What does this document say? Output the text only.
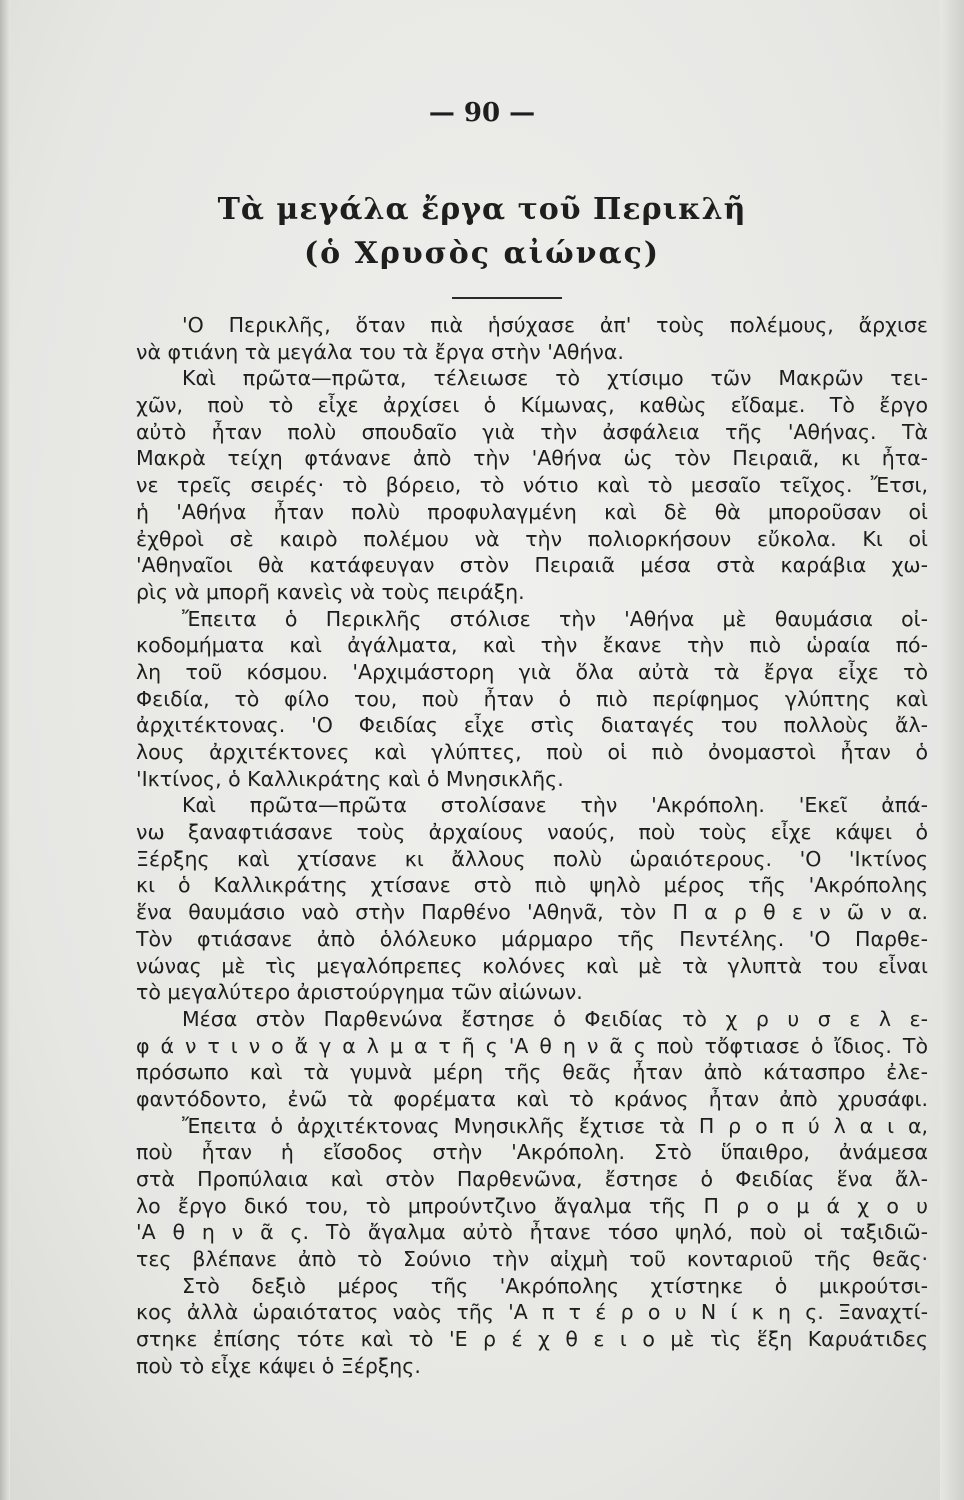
— 90 —
Τὰ μεγάλα ἔργα τοῦ Περικλῆ
(ὁ Χρυσὸς αἰώνας)
'Ο Περικλῆς, ὅταν πιὰ ἡσύχασε ἀπ' τοὺς πολέμους, ἄρχισε
νὰ φτιάνη τὰ μεγάλα του τὰ ἔργα στὴν 'Αθήνα.
Καὶ πρῶτα—πρῶτα, τέλειωσε τὸ χτίσιμο τῶν Μακρῶν τει-
χῶν, ποὺ τὸ εἶχε ἀρχίσει ὁ Κίμωνας, καθὼς εἴδαμε. Τὸ ἔργο
αὐτὸ ἦταν πολὺ σπουδαῖο γιὰ τὴν ἀσφάλεια τῆς 'Αθήνας. Τὰ
Μακρὰ τείχη φτάνανε ἀπὸ τὴν 'Αθήνα ὡς τὸν Πειραιᾶ, κι ἦτα-
νε τρεῖς σειρές· τὸ βόρειο, τὸ νότιο καὶ τὸ μεσαῖο τεῖχος. Ἔτσι,
ἡ 'Αθήνα ἦταν πολὺ προφυλαγμένη καὶ δὲ θὰ μποροῦσαν οἱ
ἐχθροὶ σὲ καιρὸ πολέμου νὰ τὴν πολιορκήσουν εὔκολα. Κι οἱ
'Αθηναῖοι θὰ κατάφευγαν στὸν Πειραιᾶ μέσα στὰ καράβια χω-
ρὶς νὰ μπορῆ κανεὶς νὰ τοὺς πειράξη.
Ἔπειτα ὁ Περικλῆς στόλισε τὴν 'Αθήνα μὲ θαυμάσια οἰ-
κοδομήματα καὶ ἀγάλματα, καὶ τὴν ἔκανε τὴν πιὸ ὡραία πό-
λη τοῦ κόσμου. 'Αρχιμάστορη γιὰ ὅλα αὐτὰ τὰ ἔργα εἶχε τὸ
Φειδία, τὸ φίλο του, ποὺ ἦταν ὁ πιὸ περίφημος γλύπτης καὶ
ἀρχιτέκτονας. 'Ο Φειδίας εἶχε στὶς διαταγές του πολλοὺς ἄλ-
λους ἀρχιτέκτονες καὶ γλύπτες, ποὺ οἱ πιὸ ὀνομαστοὶ ἦταν ὁ
'Ικτίνος, ὁ Καλλικράτης καὶ ὁ Μνησικλῆς.
Καὶ πρῶτα—πρῶτα στολίσανε τὴν 'Ακρόπολη. 'Εκεῖ ἀπά-
νω ξαναφτιάσανε τοὺς ἀρχαίους ναούς, ποὺ τοὺς εἶχε κάψει ὁ
Ξέρξης καὶ χτίσανε κι ἄλλους πολὺ ὡραιότερους. 'Ο 'Ικτίνος
κι ὁ Καλλικράτης χτίσανε στὸ πιὸ ψηλὸ μέρος τῆς 'Ακρόπολης
ἕνα θαυμάσιο ναὸ στὴν Παρθένο 'Αθηνᾶ, τὸν Π α ρ θ ε ν ῶ ν α.
Τὸν φτιάσανε ἀπὸ ὁλόλευκο μάρμαρο τῆς Πεντέλης. 'Ο Παρθε-
νώνας μὲ τὶς μεγαλόπρεπες κολόνες καὶ μὲ τὰ γλυπτὰ του εἶναι
τὸ μεγαλύτερο ἀριστούργημα τῶν αἰώνων.
Μέσα στὸν Παρθενώνα ἔστησε ὁ Φειδίας τὸ χ ρ υ σ ε λ ε-
φ ά ν τ ι ν ο ἄ γ α λ μ α τ ῆ ς 'Α θ η ν ᾶ ς ποὺ τὄφτιασε ὁ ἴδιος. Τὸ
πρόσωπο καὶ τὰ γυμνὰ μέρη τῆς θεᾶς ἦταν ἀπὸ κάτασπρο ἐλε-
φαντόδοντο, ἐνῶ τὰ φορέματα καὶ τὸ κράνος ἦταν ἀπὸ χρυσάφι.
Ἔπειτα ὁ ἀρχιτέκτονας Μνησικλῆς ἔχτισε τὰ Π ρ ο π ύ λ α ι α,
ποὺ ἦταν ἡ εἴσοδος στὴν 'Ακρόπολη. Στὸ ὕπαιθρο, ἀνάμεσα
στὰ Προπύλαια καὶ στὸν Παρθενῶνα, ἔστησε ὁ Φειδίας ἕνα ἄλ-
λο ἔργο δικό του, τὸ μπρούντζινο ἄγαλμα τῆς Π ρ ο μ ά χ ο υ
'Α θ η ν ᾶ ς. Τὸ ἄγαλμα αὐτὸ ἦτανε τόσο ψηλό, ποὺ οἱ ταξιδιῶ-
τες βλέπανε ἀπὸ τὸ Σούνιο τὴν αἰχμὴ τοῦ κονταριοῦ τῆς θεᾶς·
Στὸ δεξιὸ μέρος τῆς 'Ακρόπολης χτίστηκε ὁ μικρούτσι-
κος ἀλλὰ ὡραιότατος ναὸς τῆς 'Α π τ έ ρ ο υ Ν ί κ η ς. Ξαναχτί-
στηκε ἐπίσης τότε καὶ τὸ 'Ε ρ έ χ θ ε ι ο μὲ τὶς ἕξη Καρυάτιδες
ποὺ τὸ εἶχε κάψει ὁ Ξέρξης.
